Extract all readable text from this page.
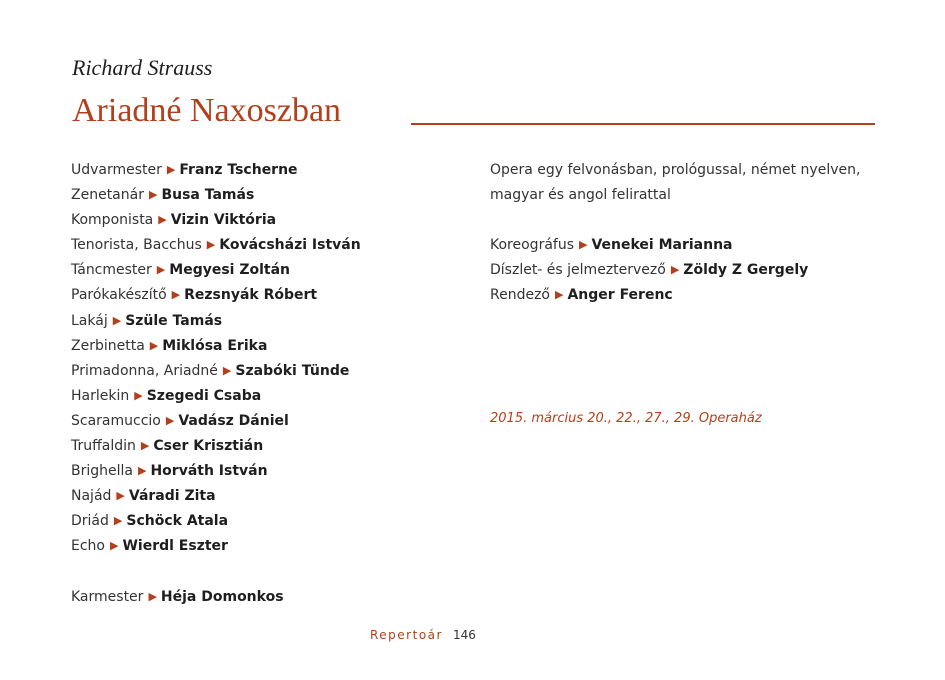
Richard Strauss
Ariadné Naxoszban
Udvarmester ▶ Franz Tscherne
Zenetanár ▶ Busa Tamás
Komponista ▶ Vizin Viktória
Tenorista, Bacchus ▶ Kovácsházi István
Táncmester ▶ Megyesi Zoltán
Parókakészítő ▶ Rezsnyák Róbert
Lakáj ▶ Szüle Tamás
Zerbinetta ▶ Miklósa Erika
Primadonna, Ariadné ▶ Szabóki Tünde
Harlekin ▶ Szegedi Csaba
Scaramuccio ▶ Vadász Dániel
Truffaldin ▶ Cser Krisztián
Brighella ▶ Horváth István
Najád ▶ Váradi Zita
Driád ▶ Schöck Atala
Echo ▶ Wierdl Eszter
Karmester ▶ Héja Domonkos
Opera egy felvonásban, prológussal, német nyelven,
magyar és angol felirattal
Koreográfus ▶ Venekei Marianna
Díszlet- és jelmeztervező ▶ Zöldy Z Gergely
Rendező ▶ Anger Ferenc
2015. március 20., 22., 27., 29. Operaház
Repertoár 146
